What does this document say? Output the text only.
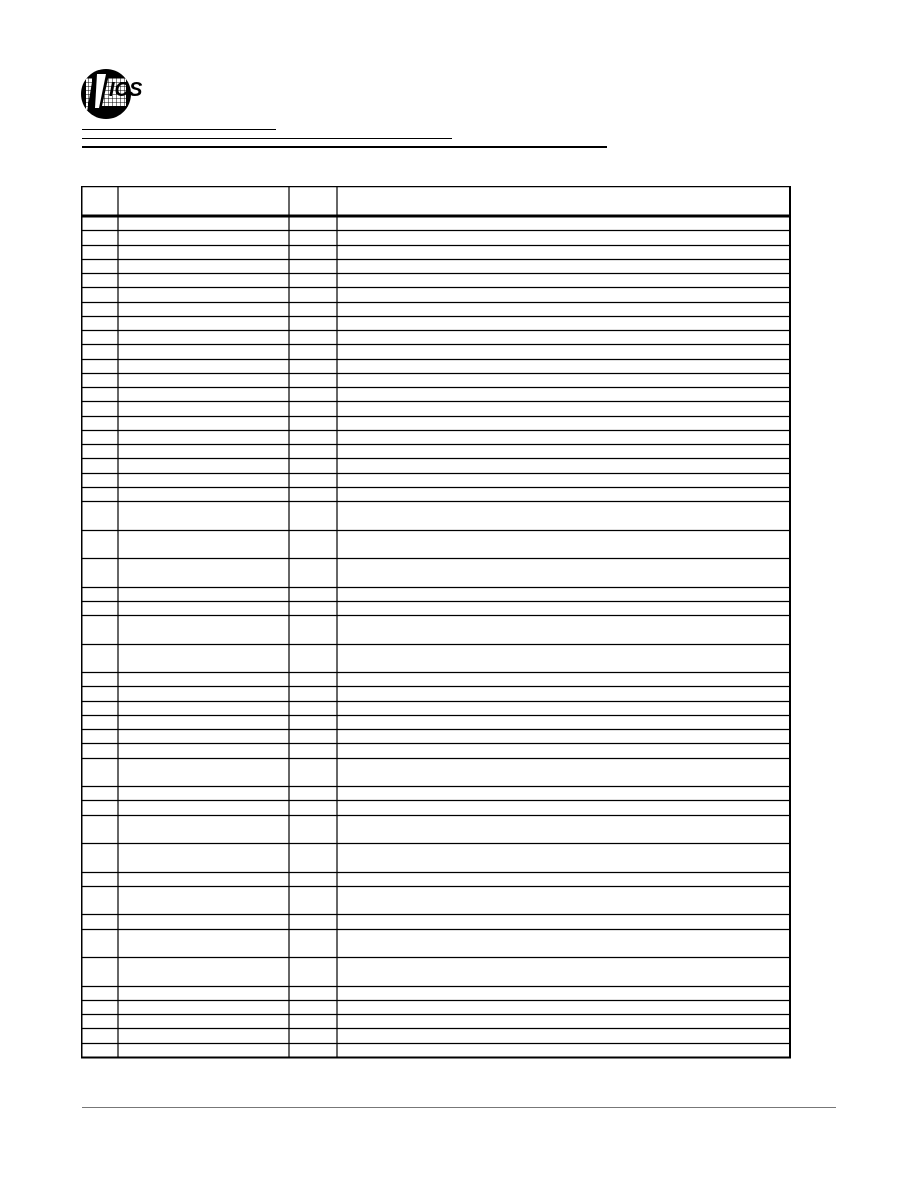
ICS
